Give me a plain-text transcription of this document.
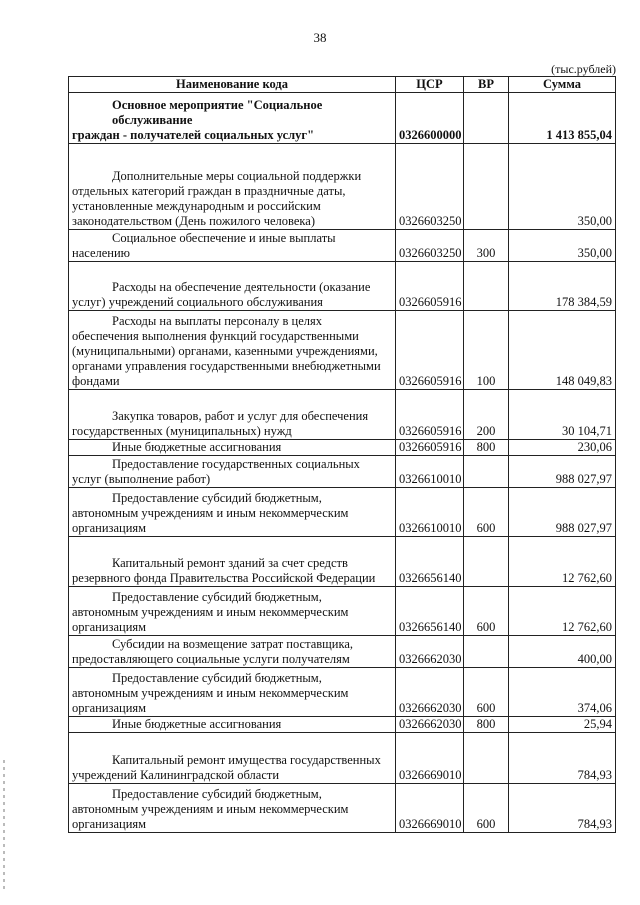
38
(тыс.рублей)
Наименование кода	ЦСР	ВР	Сумма

Основное мероприятие "Социальное обслуживание
граждан - получателей социальных услуг"	0326600000		1 413 855,04

Дополнительные меры социальной поддержки
отдельных категорий граждан в праздничные даты,
установленные международным и российским
законодательством (День пожилого человека)	0326603250		350,00

Социальное обеспечение и иные выплаты
населению	0326603250	300	350,00

Расходы на обеспечение деятельности (оказание
услуг) учреждений социального обслуживания	0326605916		178 384,59

Расходы на выплаты персоналу в целях
обеспечения выполнения функций государственными
(муниципальными) органами, казенными учреждениями,
органами управления государственными внебюджетными
фондами	0326605916	100	148 049,83

Закупка товаров, работ и услуг для обеспечения
государственных (муниципальных) нужд	0326605916	200	30 104,71

Иные бюджетные ассигнования	0326605916	800	230,06

Предоставление государственных социальных
услуг (выполнение работ)	0326610010		988 027,97

Предоставление субсидий бюджетным,
автономным учреждениям и иным некоммерческим
организациям	0326610010	600	988 027,97

Капитальный ремонт зданий за счет средств
резервного фонда Правительства Российской Федерации	0326656140		12 762,60

Предоставление субсидий бюджетным,
автономным учреждениям и иным некоммерческим
организациям	0326656140	600	12 762,60

Субсидии на возмещение затрат поставщика,
предоставляющего социальные услуги получателям	0326662030		400,00

Предоставление субсидий бюджетным,
автономным учреждениям и иным некоммерческим
организациям	0326662030	600	374,06

Иные бюджетные ассигнования	0326662030	800	25,94

Капитальный ремонт имущества государственных
учреждений Калининградской области	0326669010		784,93

Предоставление субсидий бюджетным,
автономным учреждениям и иным некоммерческим
организациям	0326669010	600	784,93
